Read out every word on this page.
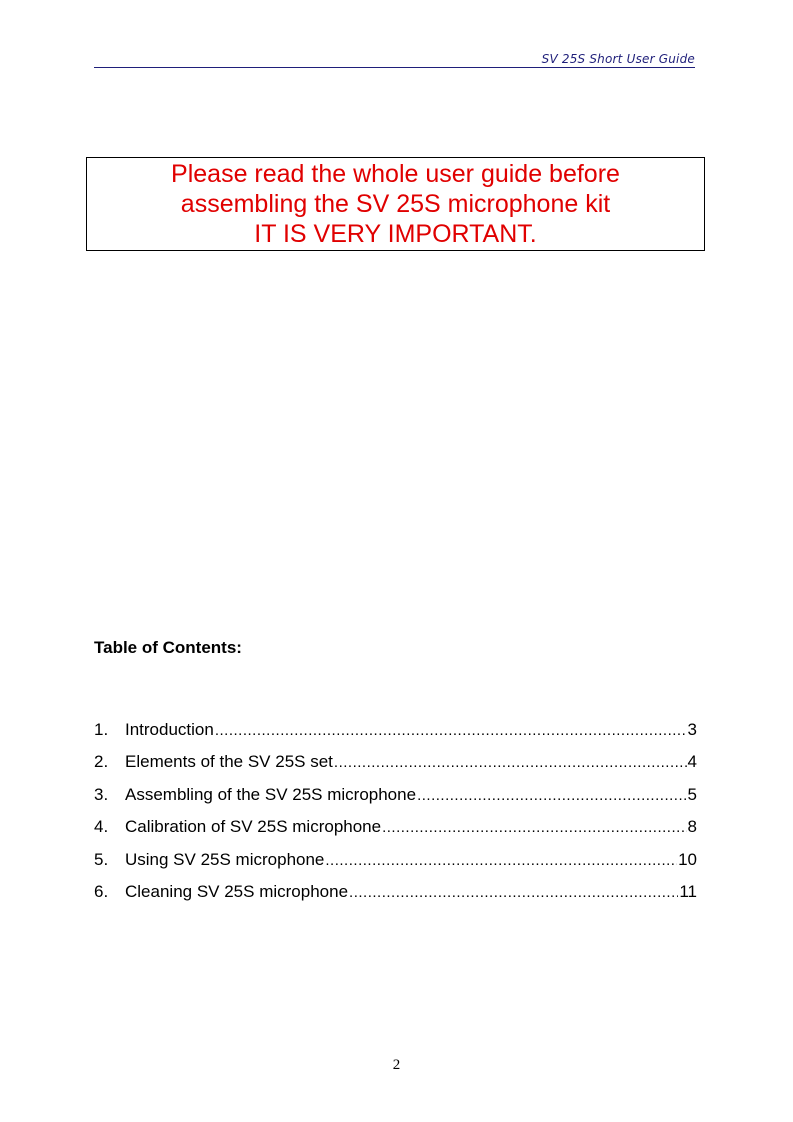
SV 25S Short User Guide
Please read the whole user guide before
assembling the SV 25S microphone kit
IT IS VERY IMPORTANT.
Table of Contents:
1. Introduction .....	3
2. Elements of the SV 25S set .....	4
3. Assembling of the SV 25S microphone .....	5
4. Calibration of SV 25S microphone .....	8
5. Using SV 25S microphone .....	10
6. Cleaning SV 25S microphone .....	11
2
